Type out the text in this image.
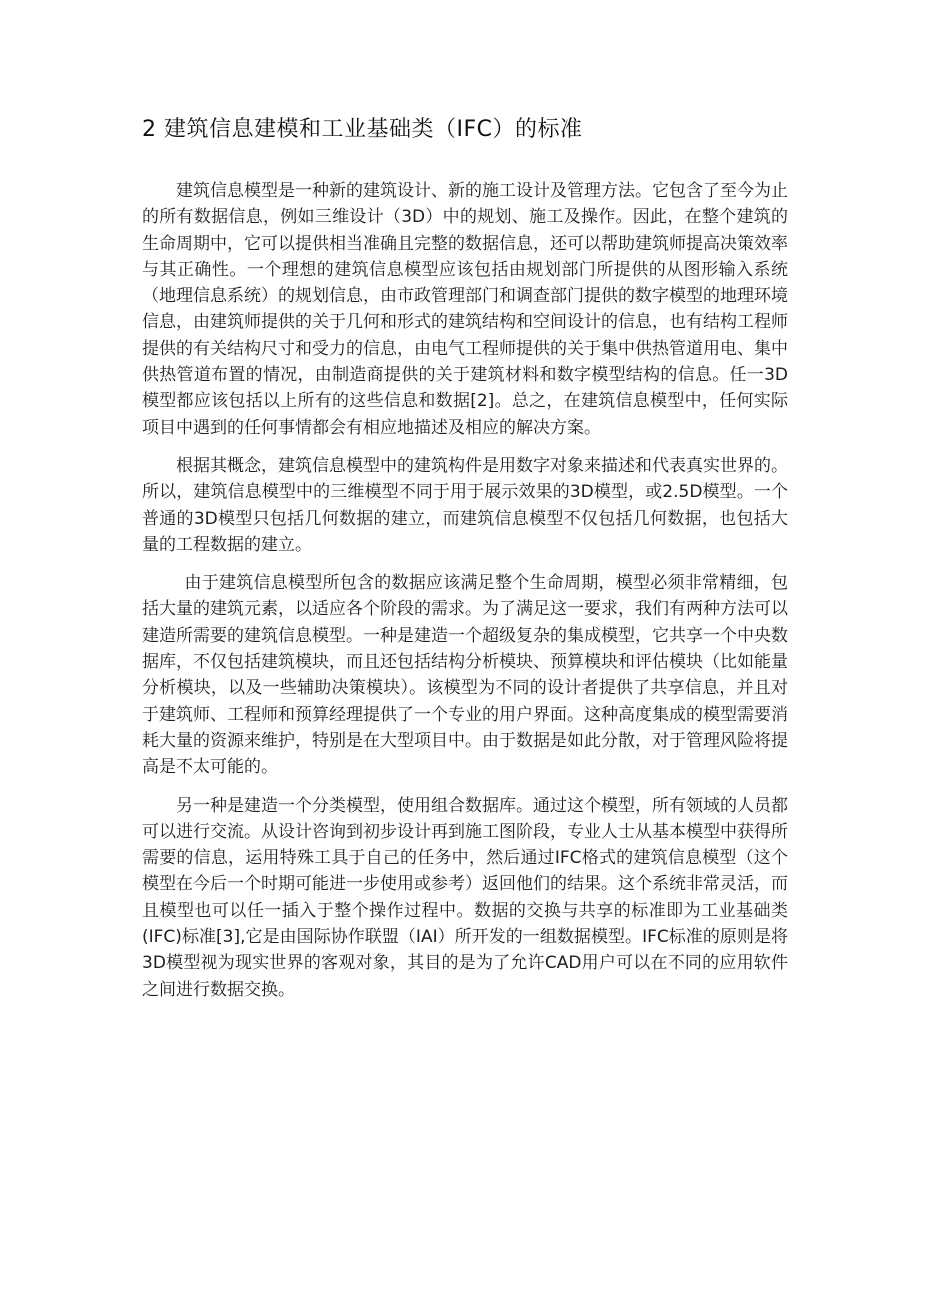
2 建筑信息建模和工业基础类（IFC）的标准

建筑信息模型是一种新的建筑设计、新的施工设计及管理方法。它包含了至今为止的所有数据信息，例如三维设计（3D）中的规划、施工及操作。因此，在整个建筑的生命周期中，它可以提供相当准确且完整的数据信息，还可以帮助建筑师提高决策效率与其正确性。一个理想的建筑信息模型应该包括由规划部门所提供的从图形输入系统（地理信息系统）的规划信息，由市政管理部门和调查部门提供的数字模型的地理环境信息，由建筑师提供的关于几何和形式的建筑结构和空间设计的信息，也有结构工程师提供的有关结构尺寸和受力的信息，由电气工程师提供的关于集中供热管道用电、集中供热管道布置的情况，由制造商提供的关于建筑材料和数字模型结构的信息。任一3D模型都应该包括以上所有的这些信息和数据[2]。总之，在建筑信息模型中，任何实际项目中遇到的任何事情都会有相应地描述及相应的解决方案。

根据其概念，建筑信息模型中的建筑构件是用数字对象来描述和代表真实世界的。所以，建筑信息模型中的三维模型不同于用于展示效果的3D模型，或2.5D模型。一个普通的3D模型只包括几何数据的建立，而建筑信息模型不仅包括几何数据，也包括大量的工程数据的建立。

由于建筑信息模型所包含的数据应该满足整个生命周期，模型必须非常精细，包括大量的建筑元素，以适应各个阶段的需求。为了满足这一要求，我们有两种方法可以建造所需要的建筑信息模型。一种是建造一个超级复杂的集成模型，它共享一个中央数据库，不仅包括建筑模块，而且还包括结构分析模块、预算模块和评估模块（比如能量分析模块，以及一些辅助决策模块）。该模型为不同的设计者提供了共享信息，并且对于建筑师、工程师和预算经理提供了一个专业的用户界面。这种高度集成的模型需要消耗大量的资源来维护，特别是在大型项目中。由于数据是如此分散，对于管理风险将提高是不太可能的。

另一种是建造一个分类模型，使用组合数据库。通过这个模型，所有领域的人员都可以进行交流。从设计咨询到初步设计再到施工图阶段，专业人士从基本模型中获得所需要的信息，运用特殊工具于自己的任务中，然后通过IFC格式的建筑信息模型（这个模型在今后一个时期可能进一步使用或参考）返回他们的结果。这个系统非常灵活，而且模型也可以任一插入于整个操作过程中。数据的交换与共享的标准即为工业基础类(IFC)标准[3],它是由国际协作联盟（IAI）所开发的一组数据模型。IFC标准的原则是将3D模型视为现实世界的客观对象，其目的是为了允许CAD用户可以在不同的应用软件之间进行数据交换。
